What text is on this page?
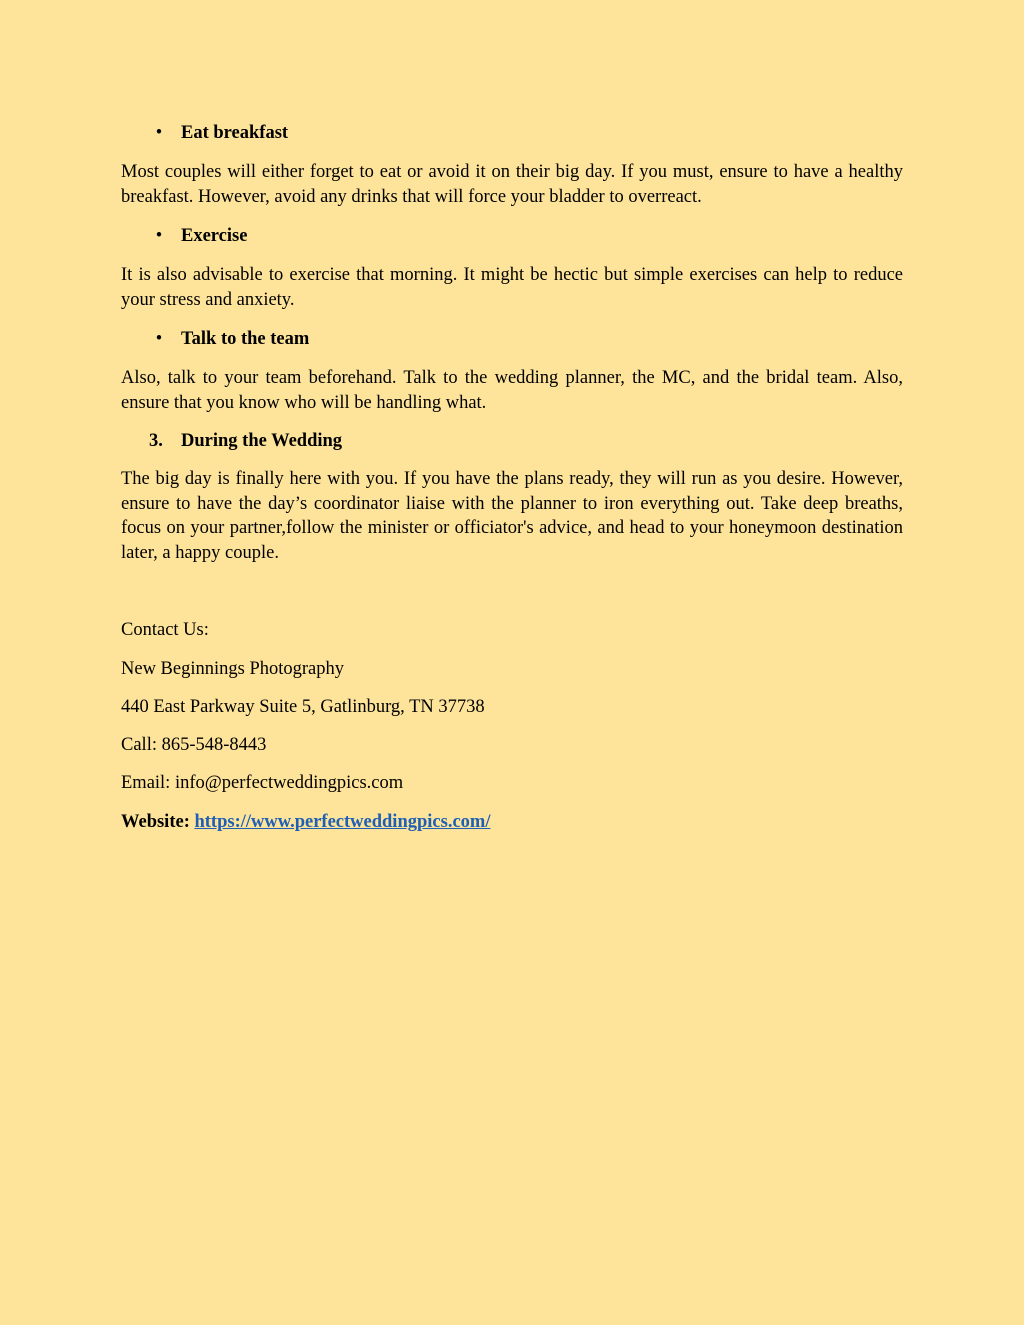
•	Eat breakfast
Most couples will either forget to eat or avoid it on their big day. If you must, ensure to have a healthy breakfast. However, avoid any drinks that will force your bladder to overreact.
•	Exercise
It is also advisable to exercise that morning. It might be hectic but simple exercises can help to reduce your stress and anxiety.
•	Talk to the team
Also, talk to your team beforehand. Talk to the wedding planner, the MC, and the bridal team. Also, ensure that you know who will be handling what.
3. During the Wedding
The big day is finally here with you. If you have the plans ready, they will run as you desire. However, ensure to have the day’s coordinator liaise with the planner to iron everything out. Take deep breaths, focus on your partner,follow the minister or officiator's advice, and head to your honeymoon destination later, a happy couple.
Contact Us:
New Beginnings Photography
440 East Parkway Suite 5, Gatlinburg, TN 37738
Call: 865-548-8443
Email: info@perfectweddingpics.com
Website: https://www.perfectweddingpics.com/
